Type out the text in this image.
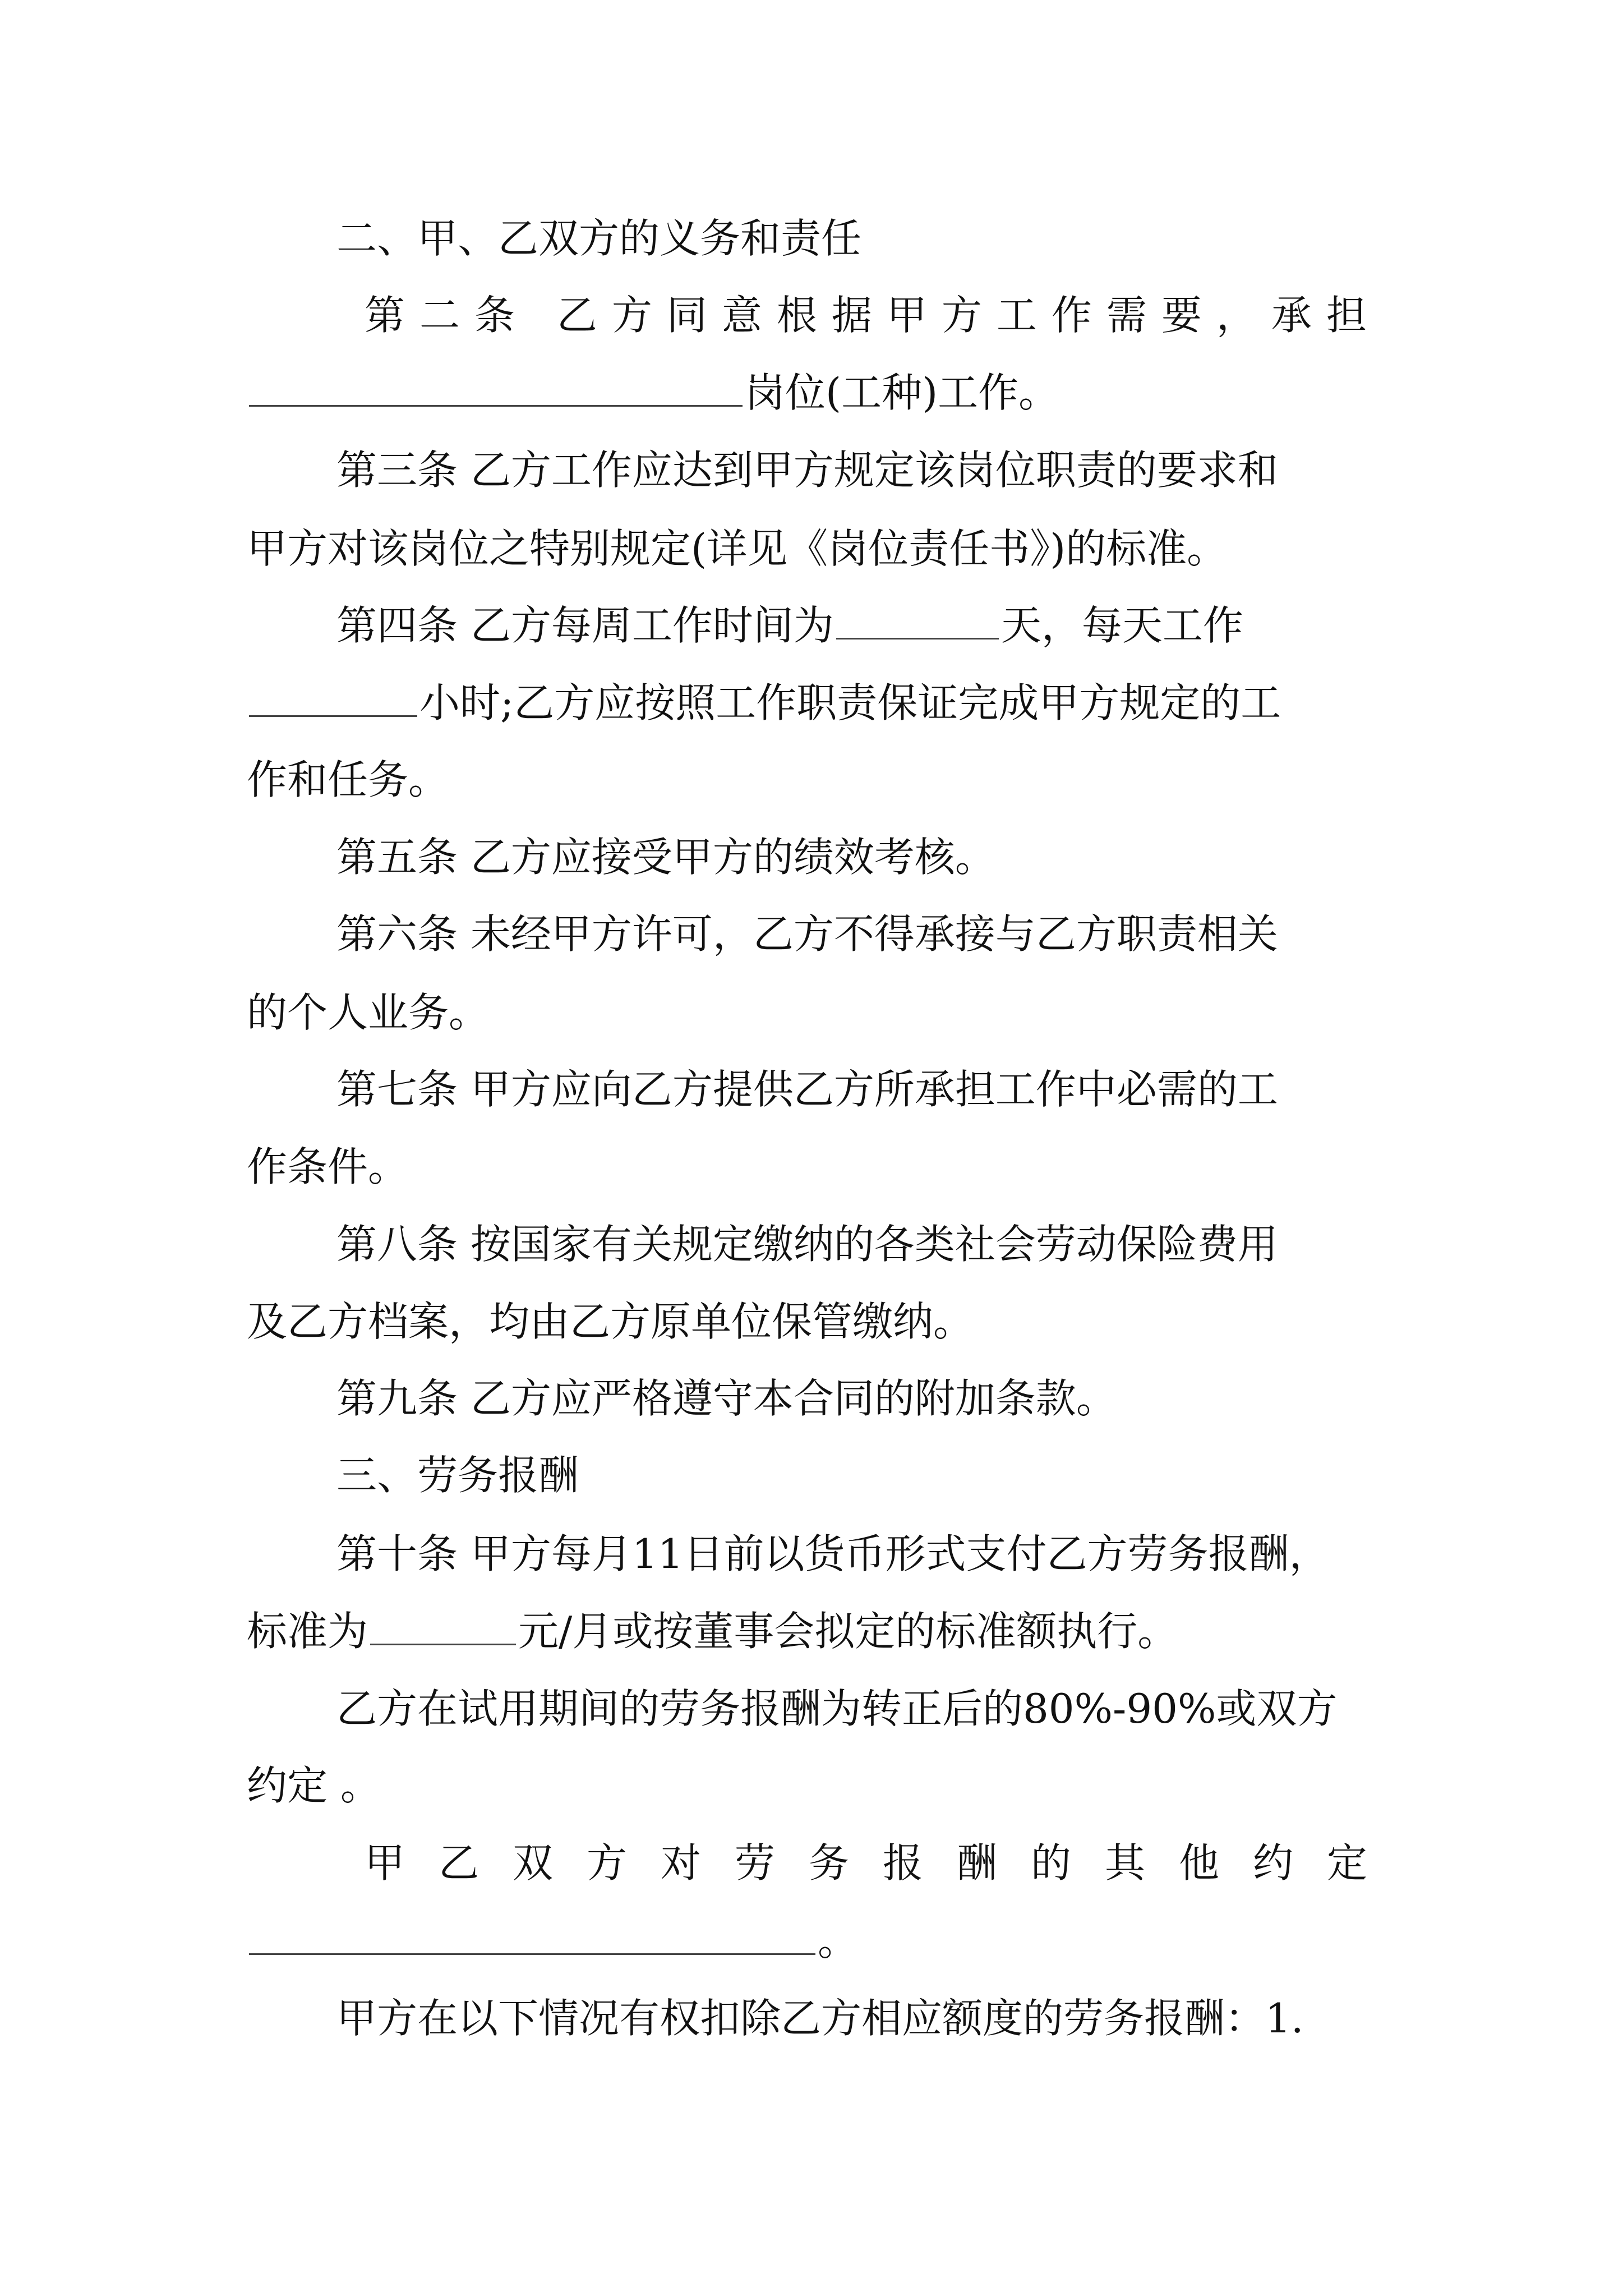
二、甲、乙双方的义务和责任
第二条 乙方同意根据甲方工作需要，承担
岗位(工种)工作。
第三条 乙方工作应达到甲方规定该岗位职责的要求和
甲方对该岗位之特别规定(详见《岗位责任书》)的标准。
第四条 乙方每周工作时间为	天，每天工作
小时;乙方应按照工作职责保证完成甲方规定的工
作和任务。
第五条 乙方应接受甲方的绩效考核。
第六条 未经甲方许可，乙方不得承接与乙方职责相关
的个人业务。
第七条 甲方应向乙方提供乙方所承担工作中必需的工
作条件。
第八条 按国家有关规定缴纳的各类社会劳动保险费用
及乙方档案，均由乙方原单位保管缴纳。
第九条 乙方应严格遵守本合同的附加条款。
三、劳务报酬
第十条 甲方每月11日前以货币形式支付乙方劳务报酬，
标准为	元/月或按董事会拟定的标准额执行。
乙方在试用期间的劳务报酬为转正后的80%-90%或双方
约定 。
甲乙双方对劳务报酬的其他约定
。
甲方在以下情况有权扣除乙方相应额度的劳务报酬：1.
